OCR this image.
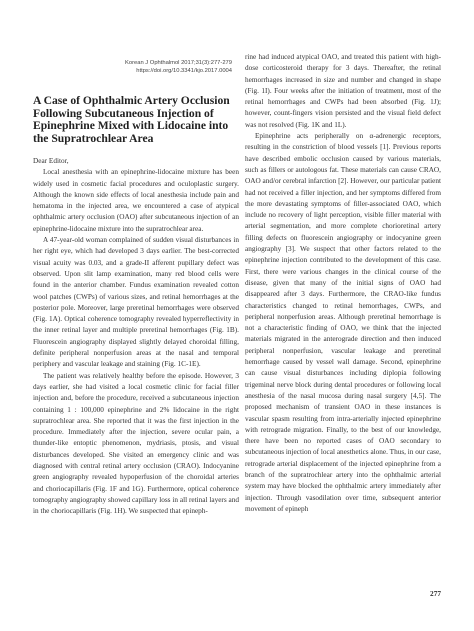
Korean J Ophthalmol 2017;31(3):277-279
https://doi.org/10.3341/kjo.2017.0004
A Case of Ophthalmic Artery Occlusion Following Subcutaneous Injection of Epinephrine Mixed with Lidocaine into the Supratrochlear Area

Dear Editor,

Local anesthesia with an epinephrine-lidocaine mixture has been widely used in cosmetic facial procedures and oculoplastic surgery. Although the known side effects of local anesthesia include pain and hematoma in the injected area, we encountered a case of atypical ophthalmic artery occlusion (OAO) after subcutaneous injection of an epinephrine-lidocaine mixture into the supratrochlear area.

A 47-year-old woman complained of sudden visual disturbances in her right eye, which had developed 3 days earlier. The best-corrected visual acuity was 0.03, and a grade-II afferent pupillary defect was observed. Upon slit lamp examination, many red blood cells were found in the anterior chamber. Fundus examination revealed cotton wool patches (CWPs) of various sizes, and retinal hemorrhages at the posterior pole. Moreover, large preretinal hemorrhages were observed (Fig. 1A). Optical coherence tomography revealed hyperreflectivity in the inner retinal layer and multiple preretinal hemorrhages (Fig. 1B). Fluorescein angiography displayed slightly delayed choroidal filling, definite peripheral nonperfusion areas at the nasal and temporal periphery and vascular leakage and staining (Fig. 1C-1E).

The patient was relatively healthy before the episode. However, 3 days earlier, she had visited a local cosmetic clinic for facial filler injection and, before the procedure, received a subcutaneous injection containing 1 : 100,000 epinephrine and 2% lidocaine in the right supratrochlear area. She reported that it was the first injection in the procedure. Immediately after the injection, severe ocular pain, a thunder-like entoptic phenomenon, mydriasis, ptosis, and visual disturbances developed. She visited an emergency clinic and was diagnosed with central retinal artery occlusion (CRAO). Indocyanine green angiography revealed hypoperfusion of the choroidal arteries and choriocapillaris (Fig. 1F and 1G). Furthermore, optical coherence tomography angiography showed capillary loss in all retinal layers and in the choriocapillaris (Fig. 1H). We suspected that epineph-

rine had induced atypical OAO, and treated this patient with high-dose corticosteroid therapy for 3 days. Thereafter, the retinal hemorrhages increased in size and number and changed in shape (Fig. 1I). Four weeks after the initiation of treatment, most of the retinal hemorrhages and CWPs had been absorbed (Fig. 1J); however, count-fingers vision persisted and the visual field defect was not resolved (Fig. 1K and 1L).

Epinephrine acts peripherally on α-adrenergic receptors, resulting in the constriction of blood vessels [1]. Previous reports have described embolic occlusion caused by various materials, such as fillers or autologous fat. These materials can cause CRAO, OAO and/or cerebral infarction [2]. However, our particular patient had not received a filler injection, and her symptoms differed from the more devastating symptoms of filler-associated OAO, which include no recovery of light perception, visible filler material with arterial segmentation, and more complete chorioretinal artery filling defects on fluorescein angiography or indocyanine green angiography [3]. We suspect that other factors related to the epinephrine injection contributed to the development of this case. First, there were various changes in the clinical course of the disease, given that many of the initial signs of OAO had disappeared after 3 days. Furthermore, the CRAO-like fundus characteristics changed to retinal hemorrhages, CWPs, and peripheral nonperfusion areas. Although preretinal hemorrhage is not a characteristic finding of OAO, we think that the injected materials migrated in the anterograde direction and then induced peripheral nonperfusion, vascular leakage and preretinal hemorrhage caused by vessel wall damage. Second, epinephrine can cause visual disturbances including diplopia following trigeminal nerve block during dental procedures or following local anesthesia of the nasal mucosa during nasal surgery [4,5]. The proposed mechanism of transient OAO in these instances is vascular spasm resulting from intra-arterially injected epinephrine with retrograde migration. Finally, to the best of our knowledge, there have been no reported cases of OAO secondary to subcutaneous injection of local anesthetics alone. Thus, in our case, retrograde arterial displacement of the injected epinephrine from a branch of the supratrochlear artery into the ophthalmic arterial system may have blocked the ophthalmic artery immediately after injection. Through vasodilation over time, subsequent anterior movement of epineph

277
